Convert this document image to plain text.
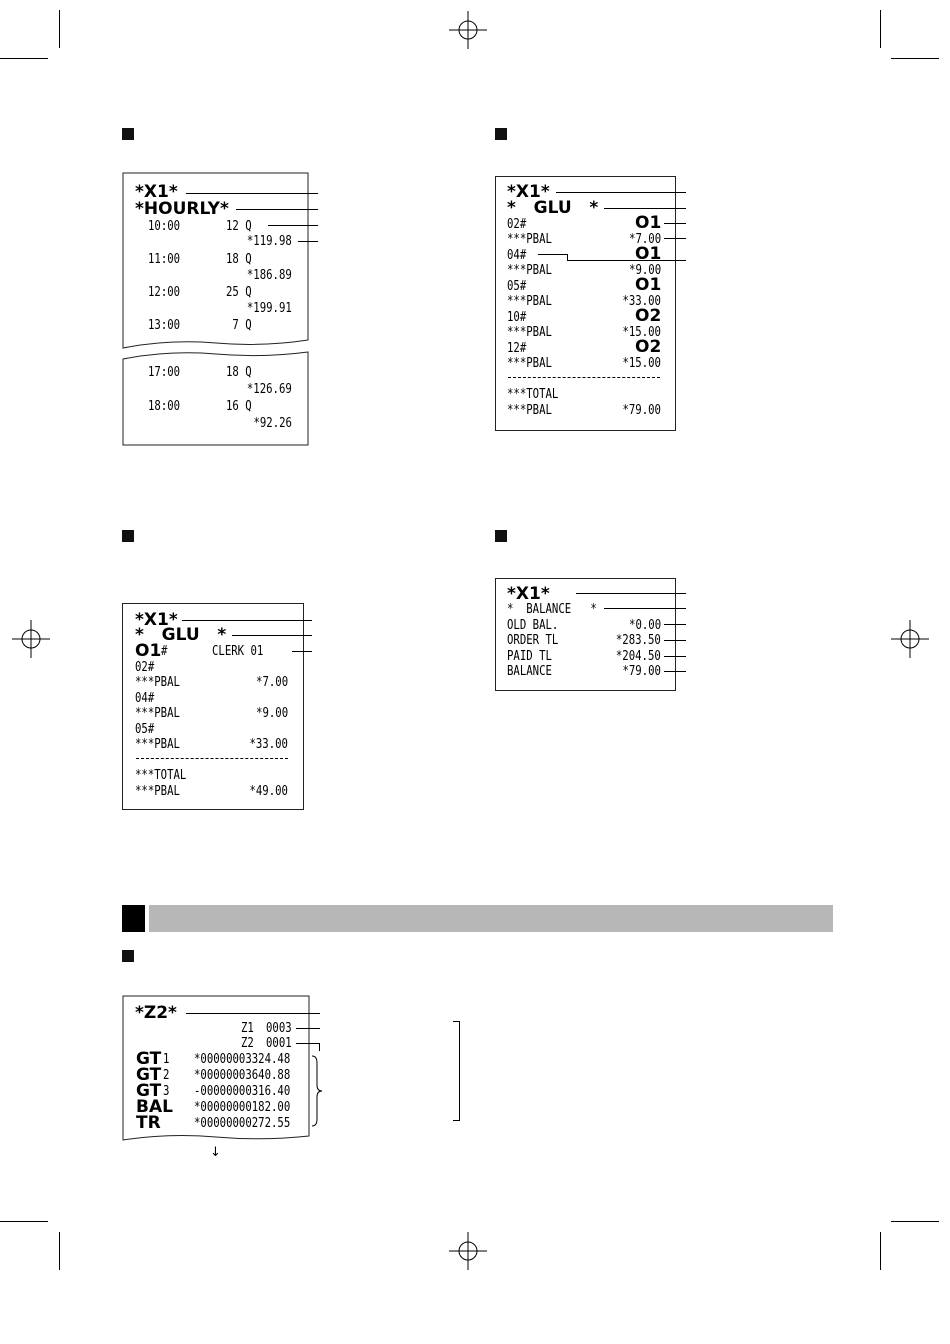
*X1*
*HOURLY*
10:00	12 Q
*119.98
11:00	18 Q
*186.89
12:00	25 Q
*199.91
13:00	7 Q
17:00	18 Q
*126.69
18:00	16 Q
*92.26
*X1*
*   GLU   *
02#	O1
***PBAL	*7.00
04#	O1
***PBAL	*9.00
05#	O1
***PBAL	*33.00
10#	O2
***PBAL	*15.00
12#	O2
***PBAL	*15.00
***TOTAL
***PBAL	*79.00
*X1*
*   GLU   *
O1 #	CLERK 01
02#
***PBAL	*7.00
04#
***PBAL	*9.00
05#
***PBAL	*33.00
***TOTAL
***PBAL	*49.00
*X1*
*  BALANCE   *
OLD BAL.	*0.00
ORDER TL	*283.50
PAID TL	*204.50
BALANCE	*79.00
*Z2*
Z1 0003
Z2 0001
GT 1 *00000003324.48
GT 2 *00000003640.88
GT 3 -00000000316.40
BAL *00000000182.00
TR	*00000000272.55
↓
